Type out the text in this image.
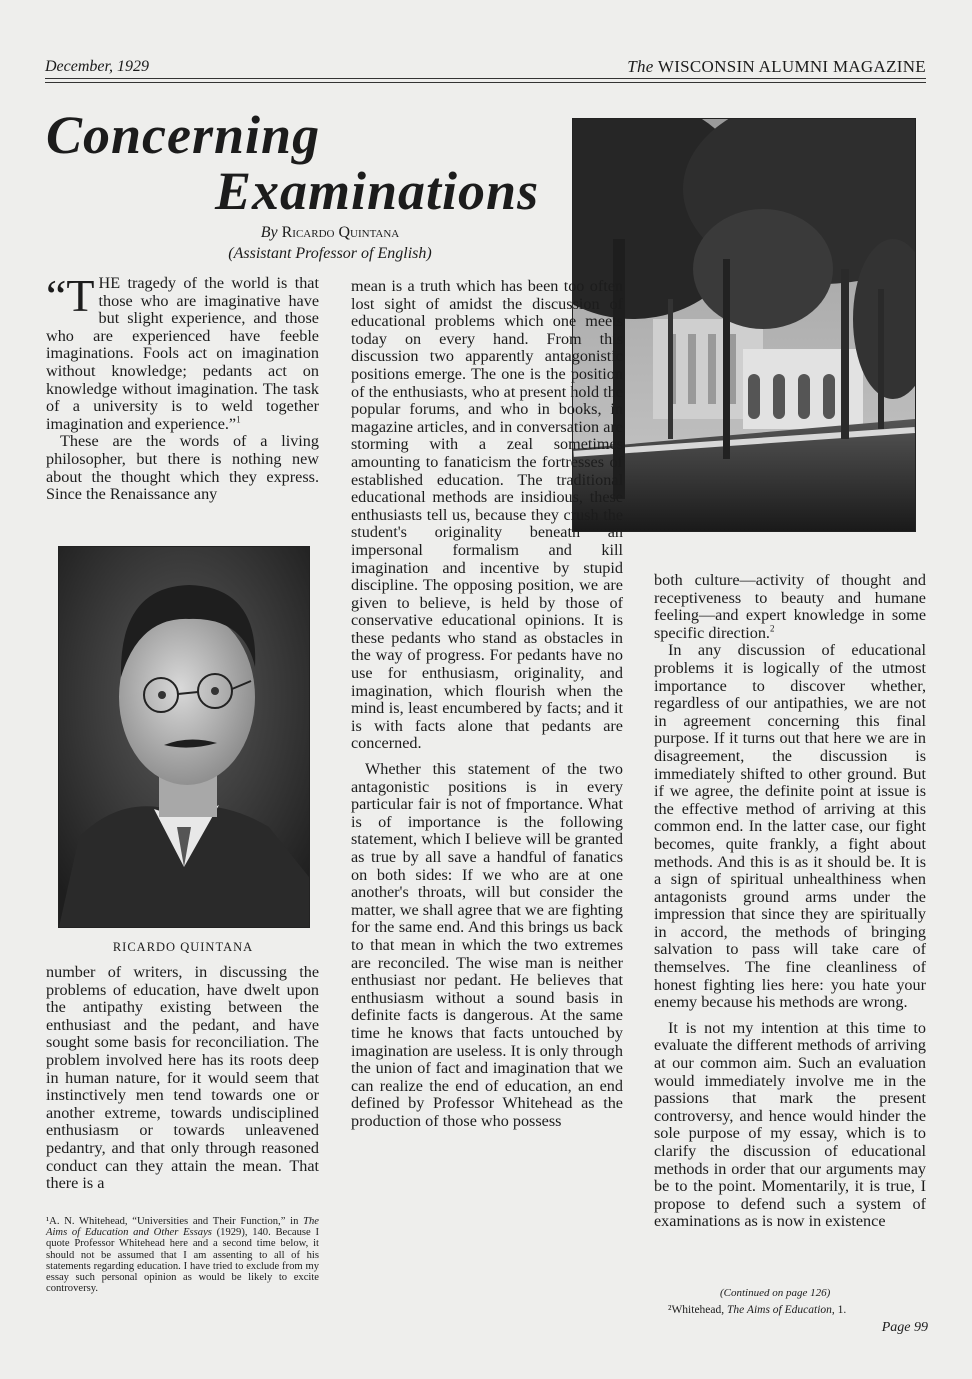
December, 1929	The WISCONSIN ALUMNI MAGAZINE
Concerning
Examinations
By Ricardo Quintana
(Assistant Professor of English)

“THE tragedy of the world is that those who are imaginative have but slight experience, and those who are experienced have feeble imaginations. Fools act on imagination without knowledge; pedants act on knowledge without imagination. The task of a university is to weld together imagination and experience.”$^1$

These are the words of a living philosopher, but there is nothing new about the thought which they express. Since the Renaissance any

RICARDO QUINTANA

number of writers, in discussing the problems of education, have dwelt upon the antipathy existing between the enthusiast and the pedant, and have sought some basis for reconciliation. The problem involved here has its roots deep in human nature, for it would seem that instinctively men tend towards one or another extreme, towards undisciplined enthusiasm or towards unleavened pedantry, and that only through reasoned conduct can they attain the mean. That there is a

¹A. N. Whitehead, “Universities and Their Function,” in The Aims of Education and Other Essays (1929), 140. Because I quote Professor Whitehead here and a second time below, it should not be assumed that I am assenting to all of his statements regarding education. I have tried to exclude from my essay such personal opinion as would be likely to excite controversy.

mean is a truth which has been too often lost sight of amidst the discussion of educational problems which one meets today on every hand. From this discussion two apparently antagonistic positions emerge. The one is the position of the enthusiasts, who at present hold the popular forums, and who in books, in magazine articles, and in conversation are storming with a zeal sometimes amounting to fanaticism the fortresses of established education. The traditional educational methods are insidious, these enthusiasts tell us, because they crush the student's originality beneath an impersonal formalism and kill imagination and incentive by stupid discipline. The opposing position, we are given to believe, is held by those of conservative educational opinions. It is these pedants who stand as obstacles in the way of progress. For pedants have no use for enthusiasm, originality, and imagination, which flourish when the mind is, least encumbered by facts; and it is with facts alone that pedants are concerned.

Whether this statement of the two antagonistic positions is in every particular fair is not of fmportance. What is of importance is the following statement, which I believe will be granted as true by all save a handful of fanatics on both sides: If we who are at one another's throats, will but consider the matter, we shall agree that we are fighting for the same end. And this brings us back to that mean in which the two extremes are reconciled. The wise man is neither enthusiast nor pedant. He believes that enthusiasm without a sound basis in definite facts is dangerous. At the same time he knows that facts untouched by imagination are useless. It is only through the union of fact and imagination that we can realize the end of education, an end defined by Professor Whitehead as the production of those who possess

both culture—activity of thought and receptiveness to beauty and humane feeling—and expert knowledge in some specific direction.$^2$

In any discussion of educational problems it is logically of the utmost importance to discover whether, regardless of our antipathies, we are not in agreement concerning this final purpose. If it turns out that here we are in disagreement, the discussion is immediately shifted to other ground. But if we agree, the definite point at issue is the effective method of arriving at this common end. In the latter case, our fight becomes, quite frankly, a fight about methods. And this is as it should be. It is a sign of spiritual unhealthiness when antagonists ground arms under the impression that since they are spiritually in accord, the methods of bringing salvation to pass will take care of themselves. The fine cleanliness of honest fighting lies here: you hate your enemy because his methods are wrong.

It is not my intention at this time to evaluate the different methods of arriving at our common aim. Such an evaluation would immediately involve me in the passions that mark the present controversy, and hence would hinder the sole purpose of my essay, which is to clarify the discussion of educational methods in order that our arguments may be to the point. Momentarily, it is true, I propose to defend such a system of examinations as is now in existence

(Continued on page 126)
²Whitehead, The Aims of Education, 1.
Page 99
